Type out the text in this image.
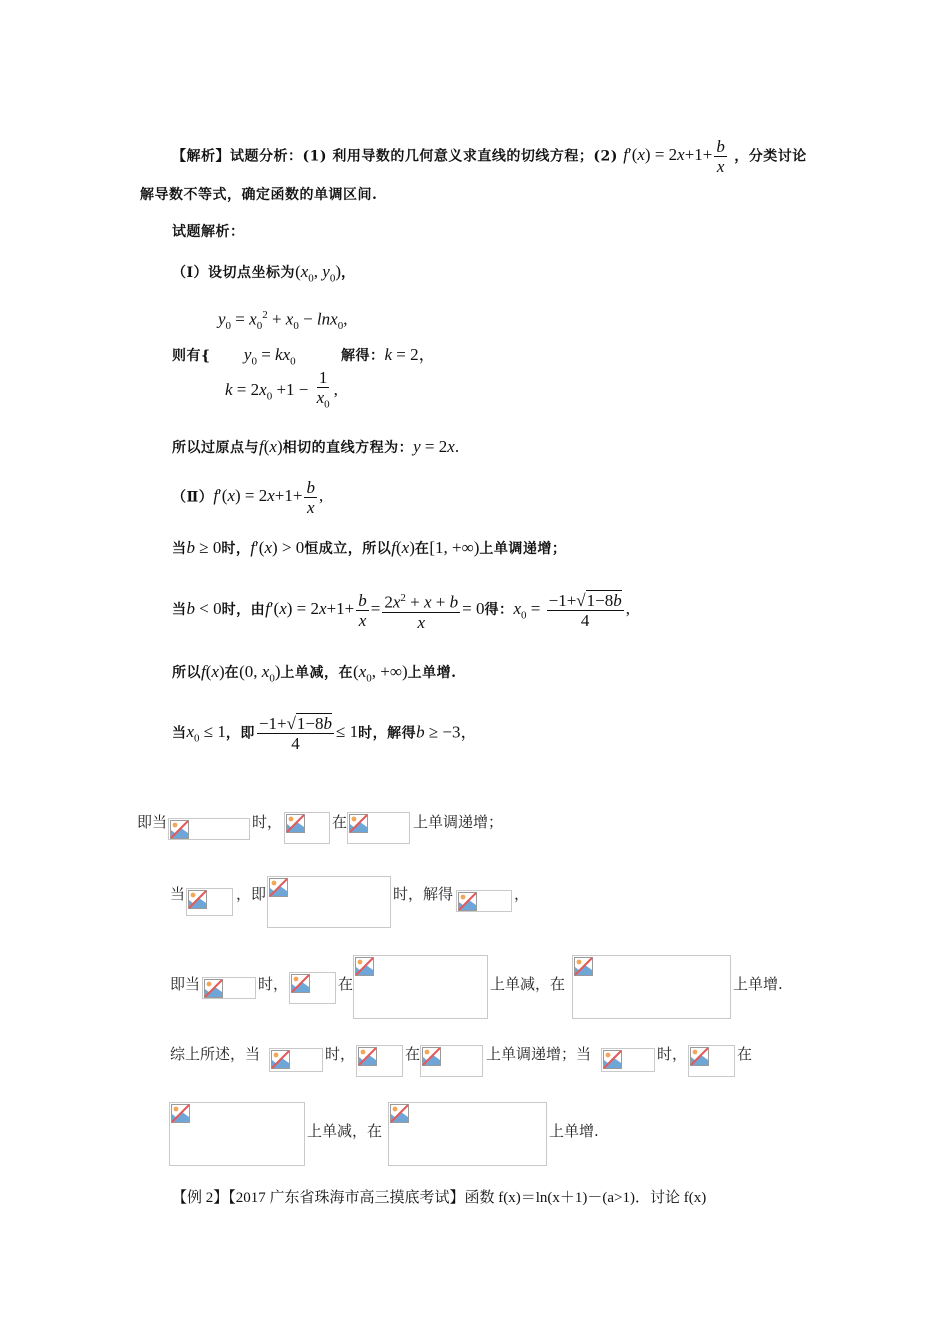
【解析】试题分析：(1) 利用导数的几何意义求直线的切线方程；(2) $f'(x) = 2x+1+ \frac{b}{x}$ ，分类讨论
解导数不等式，确定函数的单调区间.
试题解析：
（Ⅰ）设切点坐标为($x_0$, $y_0$)，
$y_0 = x_0^2 + x_0 - \ln x_0$,
则有{ $y_0 = kx_0$	解得：k = 2，
$k = 2x_0 +1 - \frac{1}{x_0}$ ,
所以过原点与f(x)相切的直线方程为：y = 2x.
（Ⅱ）f′(x) = $2x+1+ \frac{b}{x}$ ,
当b ≥ 0时，f′(x) > 0恒成立，所以f(x)在[1, +∞)上单调递增；
当b < 0时，由$f'(x) = 2x+1+ \frac{b}{x} = \frac{2x^2 + x + b}{x} = 0$得：$x_0 = \frac{-1+√1-8b}{4}$ ,
所以f(x)在(0, $x_0$)上单减，在($x_0$, +∞)上单增.
当$x_0 \le 1$，即 $\frac{-1+√1-8b}{4} \le 1$时，解得b ≥ −3，
即当	时，	在	上单调递增；
当	，即	时，解得	，
即当	时，	在	上单减，在	上单增.
综上所述，当	时，	在	上单调递增；当	时，	在
上单减，在	上单增.
【例 2】【2017 广东省珠海市高三摸底考试】函数 f(x)＝ln(x＋1)－(a>1)．讨论 f(x)
